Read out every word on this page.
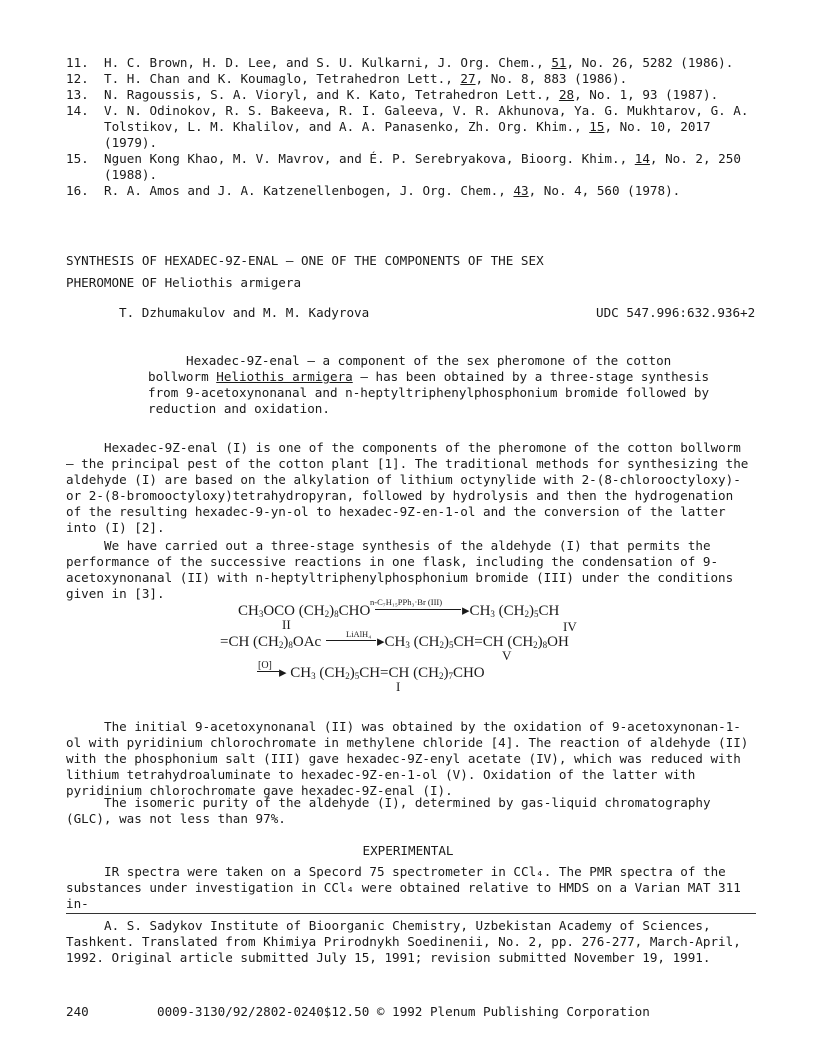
11.	H. C. Brown, H. D. Lee, and S. U. Kulkarni, J. Org. Chem., 51, No. 26, 5282 (1986).
12.	T. H. Chan and K. Koumaglo, Tetrahedron Lett., 27, No. 8, 883 (1986).
13.	N. Ragoussis, S. A. Vioryl, and K. Kato, Tetrahedron Lett., 28, No. 1, 93 (1987).
14.	V. N. Odinokov, R. S. Bakeeva, R. I. Galeeva, V. R. Akhunova, Ya. G. Mukhtarov, G. A. Tolstikov, L. M. Khalilov, and A. A. Panasenko, Zh. Org. Khim., 15, No. 10, 2017 (1979).
15.	Nguen Kong Khao, M. V. Mavrov, and É. P. Serebryakova, Bioorg. Khim., 14, No. 2, 250 (1988).
16.	R. A. Amos and J. A. Katzenellenbogen, J. Org. Chem., 43, No. 4, 560 (1978).
SYNTHESIS OF HEXADEC-9Z-ENAL — ONE OF THE COMPONENTS OF THE SEX
PHEROMONE OF Heliothis armigera
T. Dzhumakulov and M. M. Kadyrova	UDC 547.996:632.936+2

Hexadec-9Z-enal — a component of the sex pheromone of the cotton bollworm Heliothis armigera — has been obtained by a three-stage synthesis from 9-acetoxynonanal and n-heptyltriphenylphosphonium bromide followed by reduction and oxidation.

Hexadec-9Z-enal (I) is one of the components of the pheromone of the cotton bollworm — the principal pest of the cotton plant [1]. The traditional methods for synthesizing the aldehyde (I) are based on the alkylation of lithium octynylide with 2-(8-chlorooctyloxy)- or 2-(8-bromooctyloxy)tetrahydropyran, followed by hydrolysis and then the hydrogenation of the resulting hexadec-9-yn-ol to hexadec-9Z-en-1-ol and the conversion of the latter into (I) [2].

We have carried out a three-stage synthesis of the aldehyde (I) that permits the performance of the successive reactions in one flask, including the condensation of 9-acetoxynonanal (II) with n-heptyltriphenylphosphonium bromide (III) under the conditions given in [3].

$CH_3OCO$ $(CH_2)_8CHO$	$▸CH_3$ $(CH_2)_5CH$
n-C₇H₁₅PPh₃·Br (III)
II	IV
=CH $(CH_2)_8OAc$	$▸CH_3$ $(CH_2)_5CH=CH$ $(CH_2)_8OH$
LiAlH₄
V
▸ $CH_3$ $(CH_2)_5CH=CH$ $(CH_2)_7CHO$
[O]
I

The initial 9-acetoxynonanal (II) was obtained by the oxidation of 9-acetoxynonan-1-ol with pyridinium chlorochromate in methylene chloride [4]. The reaction of aldehyde (II) with the phosphonium salt (III) gave hexadec-9Z-enyl acetate (IV), which was reduced with lithium tetrahydroaluminate to hexadec-9Z-en-1-ol (V). Oxidation of the latter with pyridinium chlorochromate gave hexadec-9Z-enal (I).

The isomeric purity of the aldehyde (I), determined by gas-liquid chromatography (GLC), was not less than 97%.

EXPERIMENTAL

IR spectra were taken on a Specord 75 spectrometer in CCl₄. The PMR spectra of the substances under investigation in CCl₄ were obtained relative to HMDS on a Varian MAT 311 in-

A. S. Sadykov Institute of Bioorganic Chemistry, Uzbekistan Academy of Sciences, Tashkent. Translated from Khimiya Prirodnykh Soedinenii, No. 2, pp. 276-277, March-April, 1992. Original article submitted July 15, 1991; revision submitted November 19, 1991.

240	0009-3130/92/2802-0240$12.50 © 1992 Plenum Publishing Corporation
